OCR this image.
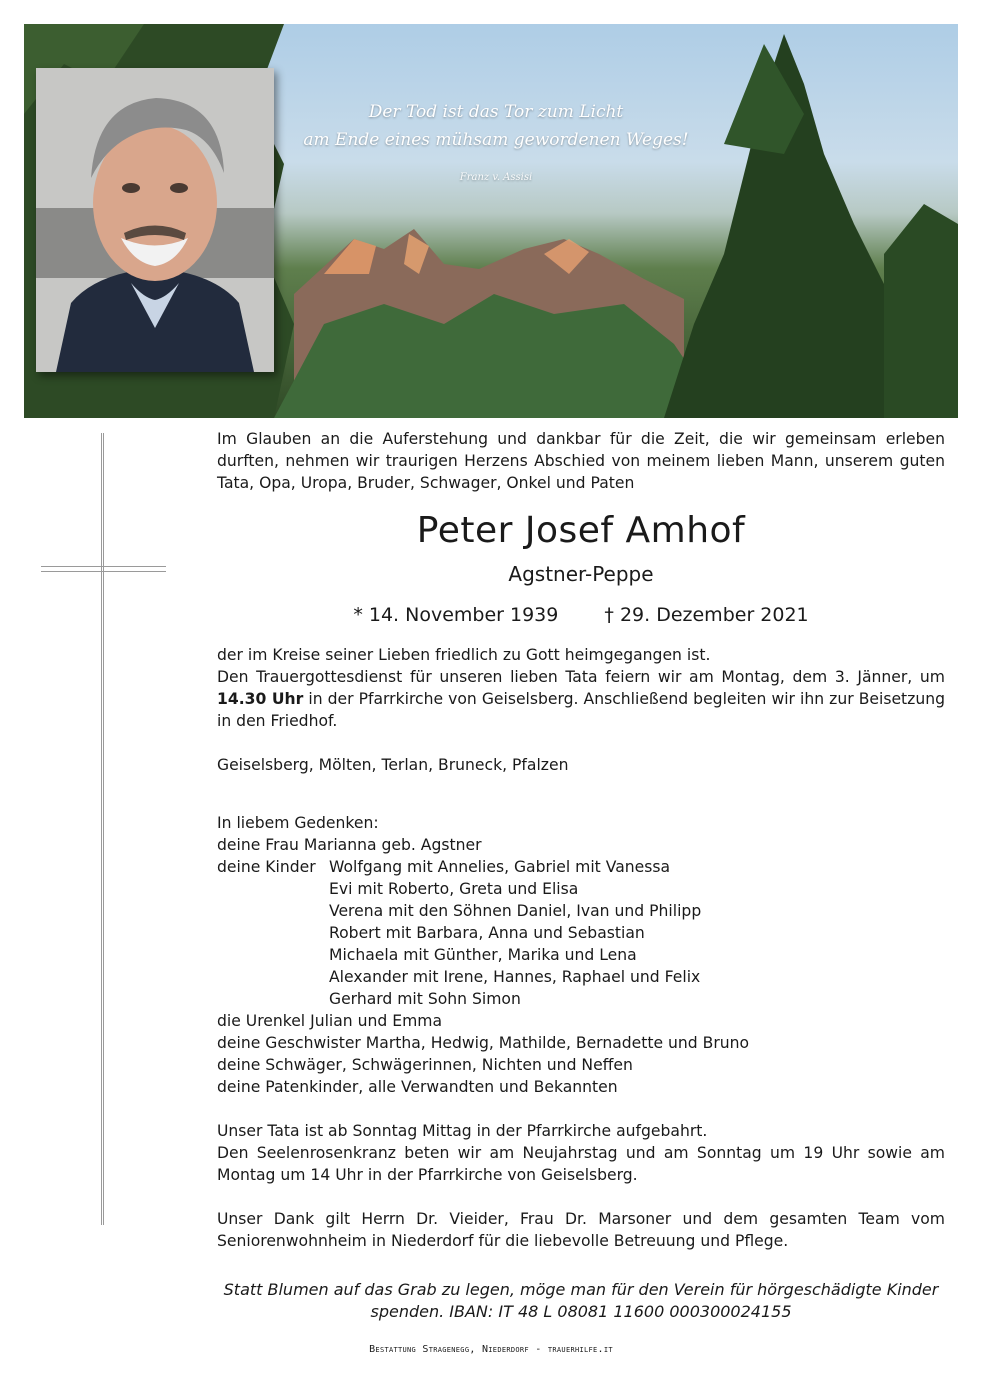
Der Tod ist das Tor zum Licht
am Ende eines mühsam gewordenen Weges!
Franz v. Assisi

Im Glauben an die Auferstehung und dankbar für die Zeit, die wir gemeinsam erleben durften, nehmen wir traurigen Herzens Abschied von meinem lieben Mann, unserem guten Tata, Opa, Uropa, Bruder, Schwager, Onkel und Paten

Peter Josef Amhof
Agstner-Peppe
* 14. November 1939 † 29. Dezember 2021

der im Kreise seiner Lieben friedlich zu Gott heimgegangen ist.

Den Trauergottesdienst für unseren lieben Tata feiern wir am Montag, dem 3. Jänner, um 14.30 Uhr in der Pfarrkirche von Geiselsberg. Anschließend begleiten wir ihn zur Beisetzung in den Friedhof.

Geiselsberg, Mölten, Terlan, Bruneck, Pfalzen

In liebem Gedenken:
deine Frau Marianna geb. Agstner
deine Kinder Wolfgang mit Annelies, Gabriel mit Vanessa
Evi mit Roberto, Greta und Elisa
Verena mit den Söhnen Daniel, Ivan und Philipp
Robert mit Barbara, Anna und Sebastian
Michaela mit Günther, Marika und Lena
Alexander mit Irene, Hannes, Raphael und Felix
Gerhard mit Sohn Simon
die Urenkel Julian und Emma
deine Geschwister Martha, Hedwig, Mathilde, Bernadette und Bruno
deine Schwäger, Schwägerinnen, Nichten und Neffen
deine Patenkinder, alle Verwandten und Bekannten

Unser Tata ist ab Sonntag Mittag in der Pfarrkirche aufgebahrt.

Den Seelenrosenkranz beten wir am Neujahrstag und am Sonntag um 19 Uhr sowie am Montag um 14 Uhr in der Pfarrkirche von Geiselsberg.

Unser Dank gilt Herrn Dr. Vieider, Frau Dr. Marsoner und dem gesamten Team vom Seniorenwohnheim in Niederdorf für die liebevolle Betreuung und Pflege.

Statt Blumen auf das Grab zu legen, möge man für den Verein für hörgeschädigte Kinder
spenden. IBAN: IT 48 L 08081 11600 000300024155
Bestattung Stragenegg, Niederdorf - trauerhilfe.it
